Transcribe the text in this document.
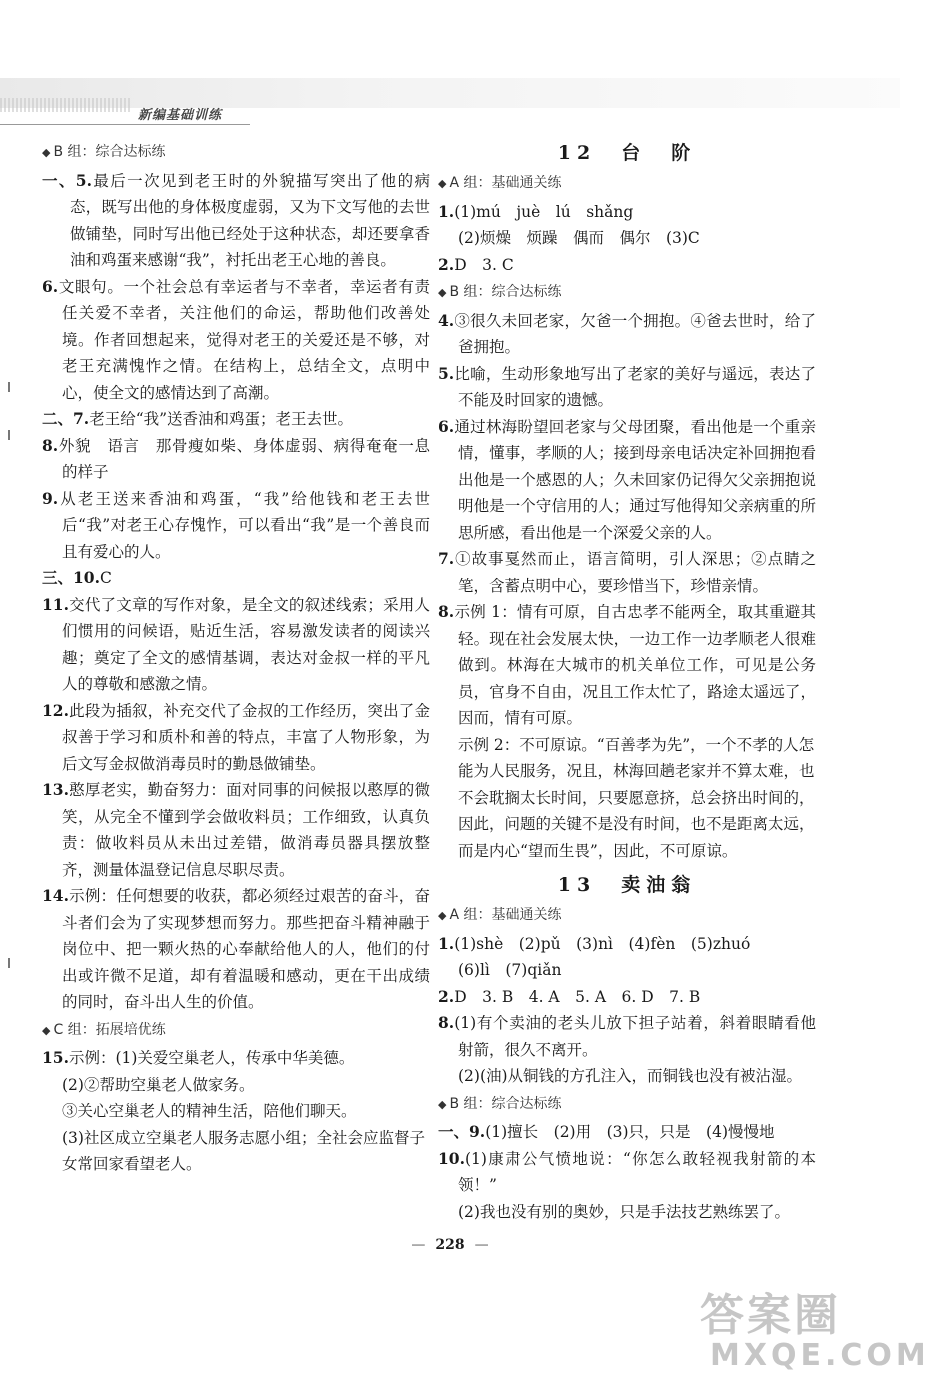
新编基础训练
◆ B 组：综合达标练
一、5.最后一次见到老王时的外貌描写突出了他的病态，既写出他的身体极度虚弱，又为下文写他的去世做铺垫，同时写出他已经处于这种状态，却还要拿香油和鸡蛋来感谢“我”，衬托出老王心地的善良。
6.文眼句。一个社会总有幸运者与不幸者，幸运者有责任关爱不幸者，关注他们的命运，帮助他们改善处境。作者回想起来，觉得对老王的关爱还是不够，对老王充满愧怍之情。在结构上，总结全文，点明中心，使全文的感情达到了高潮。
二、7.老王给“我”送香油和鸡蛋；老王去世。
8.外貌　语言　那骨瘦如柴、身体虚弱、病得奄奄一息的样子
9.从老王送来香油和鸡蛋，“我”给他钱和老王去世后“我”对老王心存愧怍，可以看出“我”是一个善良而且有爱心的人。
三、10.C
11.交代了文章的写作对象，是全文的叙述线索；采用人们惯用的问候语，贴近生活，容易激发读者的阅读兴趣；奠定了全文的感情基调，表达对金叔一样的平凡人的尊敬和感激之情。
12.此段为插叙，补充交代了金叔的工作经历，突出了金叔善于学习和质朴和善的特点，丰富了人物形象，为后文写金叔做消毒员时的勤恳做铺垫。
13.憨厚老实，勤奋努力：面对同事的问候报以憨厚的微笑，从完全不懂到学会做收料员；工作细致，认真负责：做收料员从未出过差错，做消毒员器具摆放整齐，测量体温登记信息尽职尽责。
14.示例：任何想要的收获，都必须经过艰苦的奋斗，奋斗者们会为了实现梦想而努力。那些把奋斗精神融于岗位中、把一颗火热的心奉献给他人的人，他们的付出或许微不足道，却有着温暖和感动，更在干出成绩的同时，奋斗出人生的价值。
◆ C 组：拓展培优练
15.示例：(1)关爱空巢老人，传承中华美德。
(2)②帮助空巢老人做家务。
③关心空巢老人的精神生活，陪他们聊天。
(3)社区成立空巢老人服务志愿小组；全社会应监督子女常回家看望老人。
12　台　阶
◆ A 组：基础通关练
1.(1)mú　juè　lú　shǎng
(2)烦燥　烦躁　偶而　偶尔　(3)C
2.D　3. C
◆ B 组：综合达标练
4.③很久未回老家，欠爸一个拥抱。④爸去世时，给了爸拥抱。
5.比喻，生动形象地写出了老家的美好与遥远，表达了不能及时回家的遗憾。
6.通过林海盼望回老家与父母团聚，看出他是一个重亲情，懂事，孝顺的人；接到母亲电话决定补回拥抱看出他是一个感恩的人；久未回家仍记得欠父亲拥抱说明他是一个守信用的人；通过写他得知父亲病重的所思所感，看出他是一个深爱父亲的人。
7.①故事戛然而止，语言简明，引人深思；②点睛之笔，含蓄点明中心，要珍惜当下，珍惜亲情。
8.示例 1：情有可原，自古忠孝不能两全，取其重避其轻。现在社会发展太快，一边工作一边孝顺老人很难做到。林海在大城市的机关单位工作，可见是公务员，官身不自由，况且工作太忙了，路途太遥远了，因而，情有可原。
示例 2：不可原谅。“百善孝为先”，一个不孝的人怎能为人民服务，况且，林海回趟老家并不算太难，也不会耽搁太长时间，只要愿意挤，总会挤出时间的，因此，问题的关键不是没有时间，也不是距离太远，而是内心“望而生畏”，因此，不可原谅。
13　卖油翁
◆ A 组：基础通关练
1.(1)shè　(2)pǔ　(3)nì　(4)fèn　(5)zhuó
(6)lì　(7)qiǎn
2.D　3. B　4. A　5. A　6. D　7. B
8.(1)有个卖油的老头儿放下担子站着，斜着眼睛看他射箭，很久不离开。
(2)(油)从铜钱的方孔注入，而铜钱也没有被沾湿。
◆ B 组：综合达标练
一、9.(1)擅长　(2)用　(3)只，只是　(4)慢慢地
10.(1)康肃公气愤地说：“你怎么敢轻视我射箭的本领！”
(2)我也没有别的奥妙，只是手法技艺熟练罢了。
— 228 —
答案圈
MXQE.COM
